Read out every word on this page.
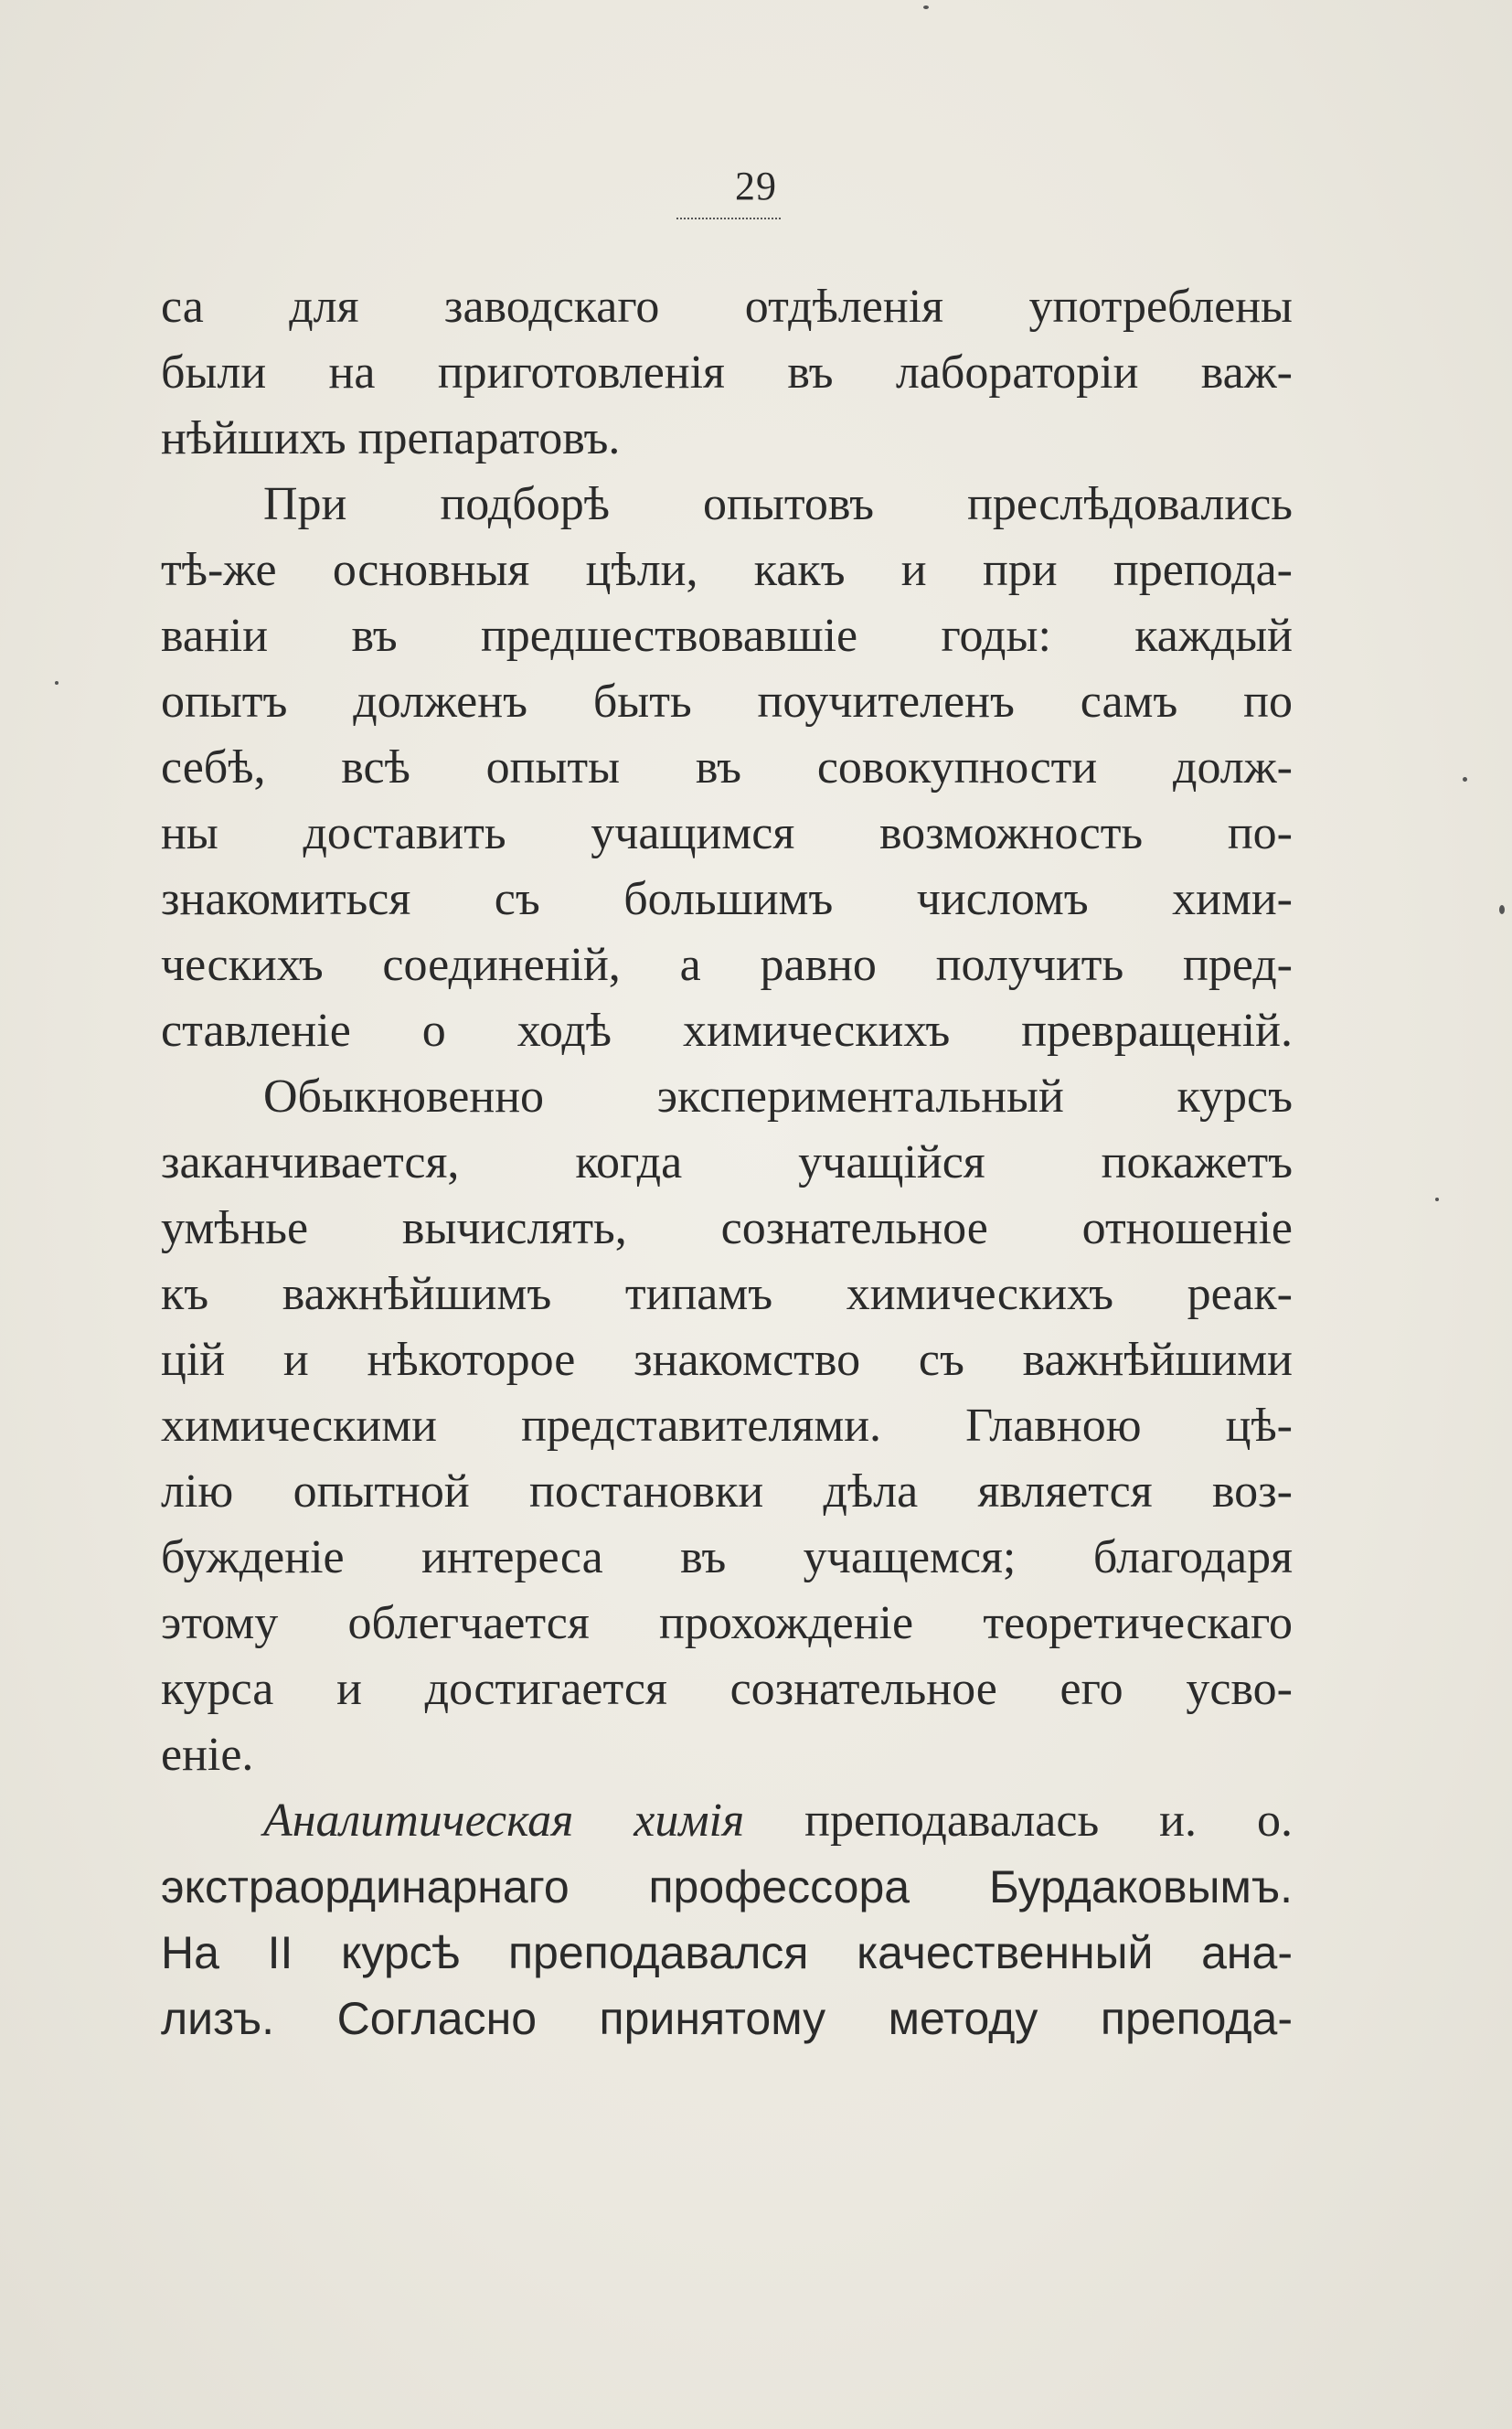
29
са для заводскаго отдѣленія употреблены
были на приготовленія въ лабораторіи важ-
нѣйшихъ препаратовъ.
При подборѣ опытовъ преслѣдовались
тѣ-же основныя цѣли, какъ и при препода-
ваніи въ предшествовавшіе годы: каждый
опытъ долженъ быть поучителенъ самъ по
себѣ, всѣ опыты въ совокупности долж-
ны доставить учащимся возможность по-
знакомиться съ большимъ числомъ хими-
ческихъ соединеній, а равно получить пред-
ставленіе о ходѣ химическихъ превращеній.
Обыкновенно экспериментальный курсъ
заканчивается, когда учащійся покажетъ
умѣнье вычислять, сознательное отношеніе
къ важнѣйшимъ типамъ химическихъ реак-
цій и нѣкоторое знакомство съ важнѣйшими
химическими представителями. Главною цѣ-
лію опытной постановки дѣла является воз-
бужденіе интереса въ учащемся; благодаря
этому облегчается прохожденіе теоретическаго
курса и достигается сознательное его усво-
еніе.
Аналитическая химія преподавалась и. о.
экстраординарнаго профессора Бурдаковымъ.
На II курсѣ преподавался качественный ана-
лизъ. Согласно принятому методу препода-
